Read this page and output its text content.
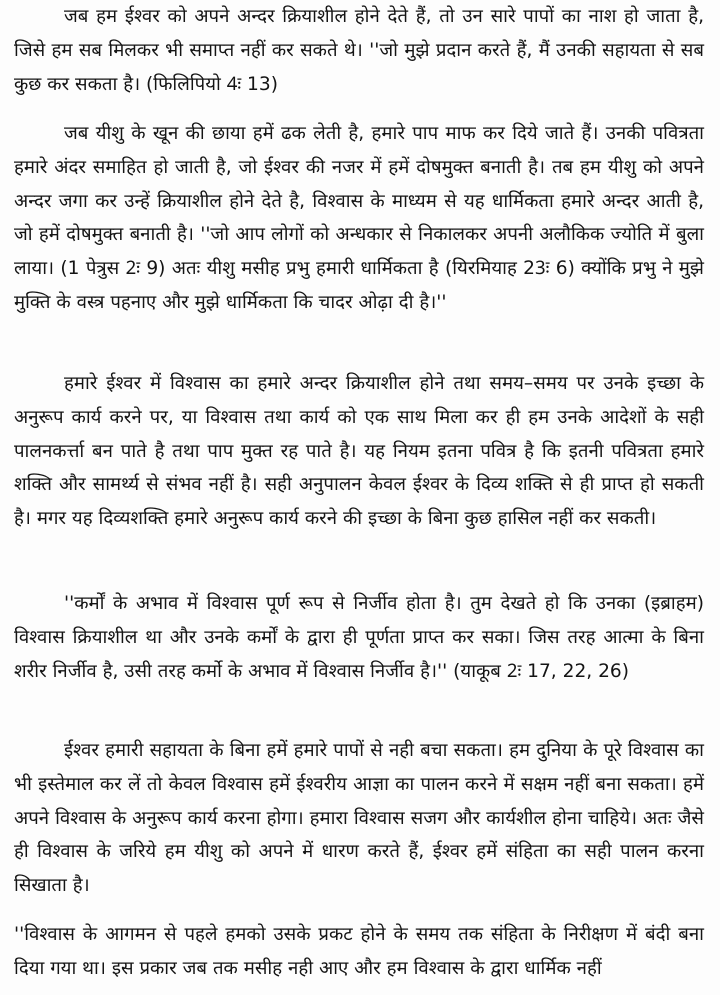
जब हम ईश्वर को अपने अन्दर क्रियाशील होने देते हैं, तो उन सारे पापों का नाश हो जाता है, जिसे हम सब मिलकर भी समाप्त नहीं कर सकते थे। ''जो मुझे प्रदान करते हैं, मैं उनकी सहायता से सब कुछ कर सकता है। (फिलिपियो 4ः 13)

जब यीशु के खून की छाया हमें ढक लेती है, हमारे पाप माफ कर दिये जाते हैं। उनकी पवित्रता हमारे अंदर समाहित हो जाती है, जो ईश्वर की नजर में हमें दोषमुक्त बनाती है। तब हम यीशु को अपने अन्दर जगा कर उन्हें क्रियाशील होने देते है, विश्वास के माध्यम से यह धार्मिकता हमारे अन्दर आती है, जो हमें दोषमुक्त बनाती है। ''जो आप लोगों को अन्धकार से निकालकर अपनी अलौकिक ज्योति में बुला लाया। (1 पेत्रुस 2ः 9) अतः यीशु मसीह प्रभु हमारी धार्मिकता है (यिरमियाह 23ः 6) क्योंकि प्रभु ने मुझे मुक्ति के वस्त्र पहनाए और मुझे धार्मिकता कि चादर ओढ़ा दी है।''

हमारे ईश्वर में विश्वास का हमारे अन्दर क्रियाशील होने तथा समय–समय पर उनके इच्छा के अनुरूप कार्य करने पर, या विश्वास तथा कार्य को एक साथ मिला कर ही हम उनके आदेशों के सही पालनकर्त्ता बन पाते है तथा पाप मुक्त रह पाते है। यह नियम इतना पवित्र है कि इतनी पवित्रता हमारे शक्ति और सामर्थ्य से संभव नहीं है। सही अनुपालन केवल ईश्वर के दिव्य शक्ति से ही प्राप्त हो सकती है। मगर यह दिव्यशक्ति हमारे अनुरूप कार्य करने की इच्छा के बिना कुछ हासिल नहीं कर सकती।

''कर्मों के अभाव में विश्वास पूर्ण रूप से निर्जीव होता है। तुम देखते हो कि उनका (इब्राहम) विश्वास क्रियाशील था और उनके कर्मों के द्वारा ही पूर्णता प्राप्त कर सका। जिस तरह आत्मा के बिना शरीर निर्जीव है, उसी तरह कर्मो के अभाव में विश्वास निर्जीव है।'' (याकूब 2ः 17, 22, 26)

ईश्वर हमारी सहायता के बिना हमें हमारे पापों से नही बचा सकता। हम दुनिया के पूरे विश्वास का भी इस्तेमाल कर लें तो केवल विश्वास हमें ईश्वरीय आज्ञा का पालन करने में सक्षम नहीं बना सकता। हमें अपने विश्वास के अनुरूप कार्य करना होगा। हमारा विश्वास सजग और कार्यशील होना चाहिये। अतः जैसे ही विश्वास के जरिये हम यीशु को अपने में धारण करते हैं, ईश्वर हमें संहिता का सही पालन करना सिखाता है।

''विश्वास के आगमन से पहले हमको उसके प्रकट होने के समय तक संहिता के निरीक्षण में बंदी बना दिया गया था। इस प्रकार जब तक मसीह नही आए और हम विश्वास के द्वारा धार्मिक नहीं
